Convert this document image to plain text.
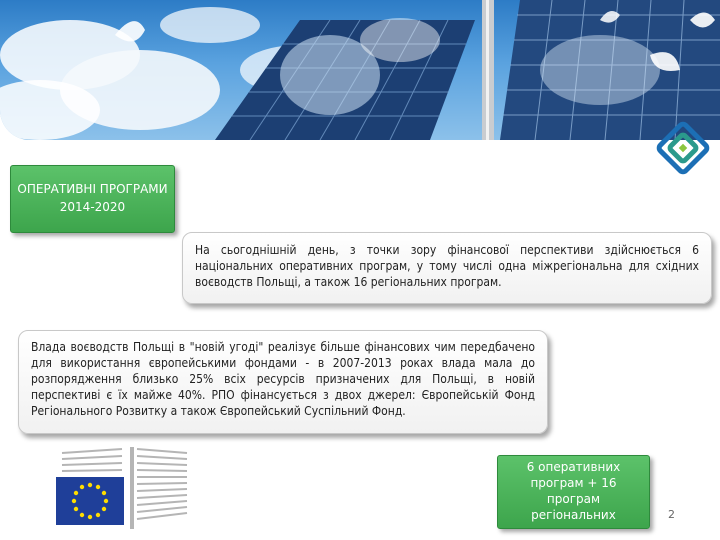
ОПЕРАТИВНІ ПРОГРАМИ
2014-2020
На сьогоднішній день, з точки зору фінансової перспективи здійснюється 6 національних оперативних програм, у тому числі одна міжрегіональна для східних воєводств Польщі, а також 16 регіональних програм.
Влада воєводств Польщі в "новій угоді" реалізує більше фінансових чим передбачено для використання європейськими фондами - в 2007-2013 роках влада мала до розпорядження близько 25% всіх ресурсів призначених для Польщі, в новій перспективі є їх майже 40%. РПО фінансується з двох джерел: Європейській Фонд Регіонального Розвитку а також Європейський Суспільний Фонд.
6 оперативних програм + 16 програм регіональних	2
